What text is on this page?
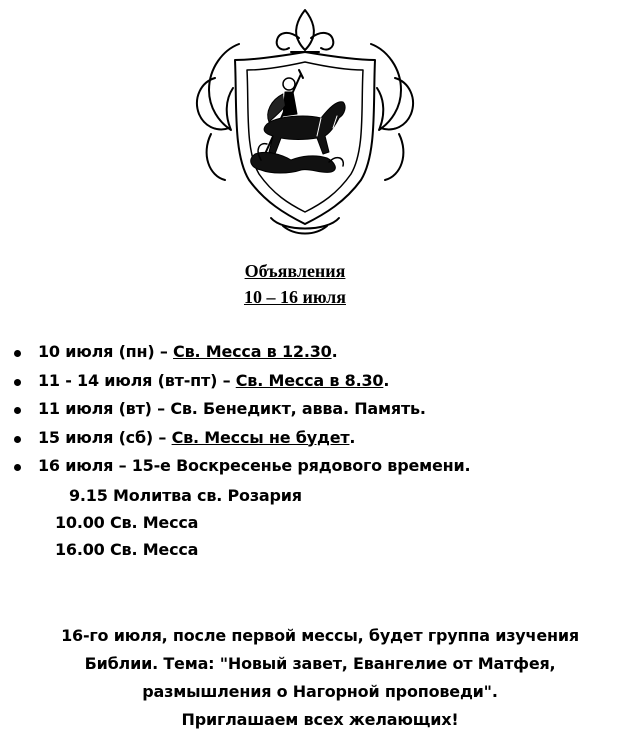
Объявления
10 – 16 июля
10 июля (пн) – Св. Месса в 12.30.
11 - 14 июля (вт-пт) – Св. Месса в 8.30.
11 июля (вт) – Св. Бенедикт, авва. Память.
15 июля (сб) – Св. Мессы не будет.
16 июля – 15-е Воскресенье рядового времени.
9.15 Молитва св. Розария
10.00 Св. Месса
16.00 Св. Месса
16-го июля, после первой мессы, будет группа изучения
Библии. Тема: "Новый завет, Евангелие от Матфея,
размышления о Нагорной проповеди".
Приглашаем всех желающих!
